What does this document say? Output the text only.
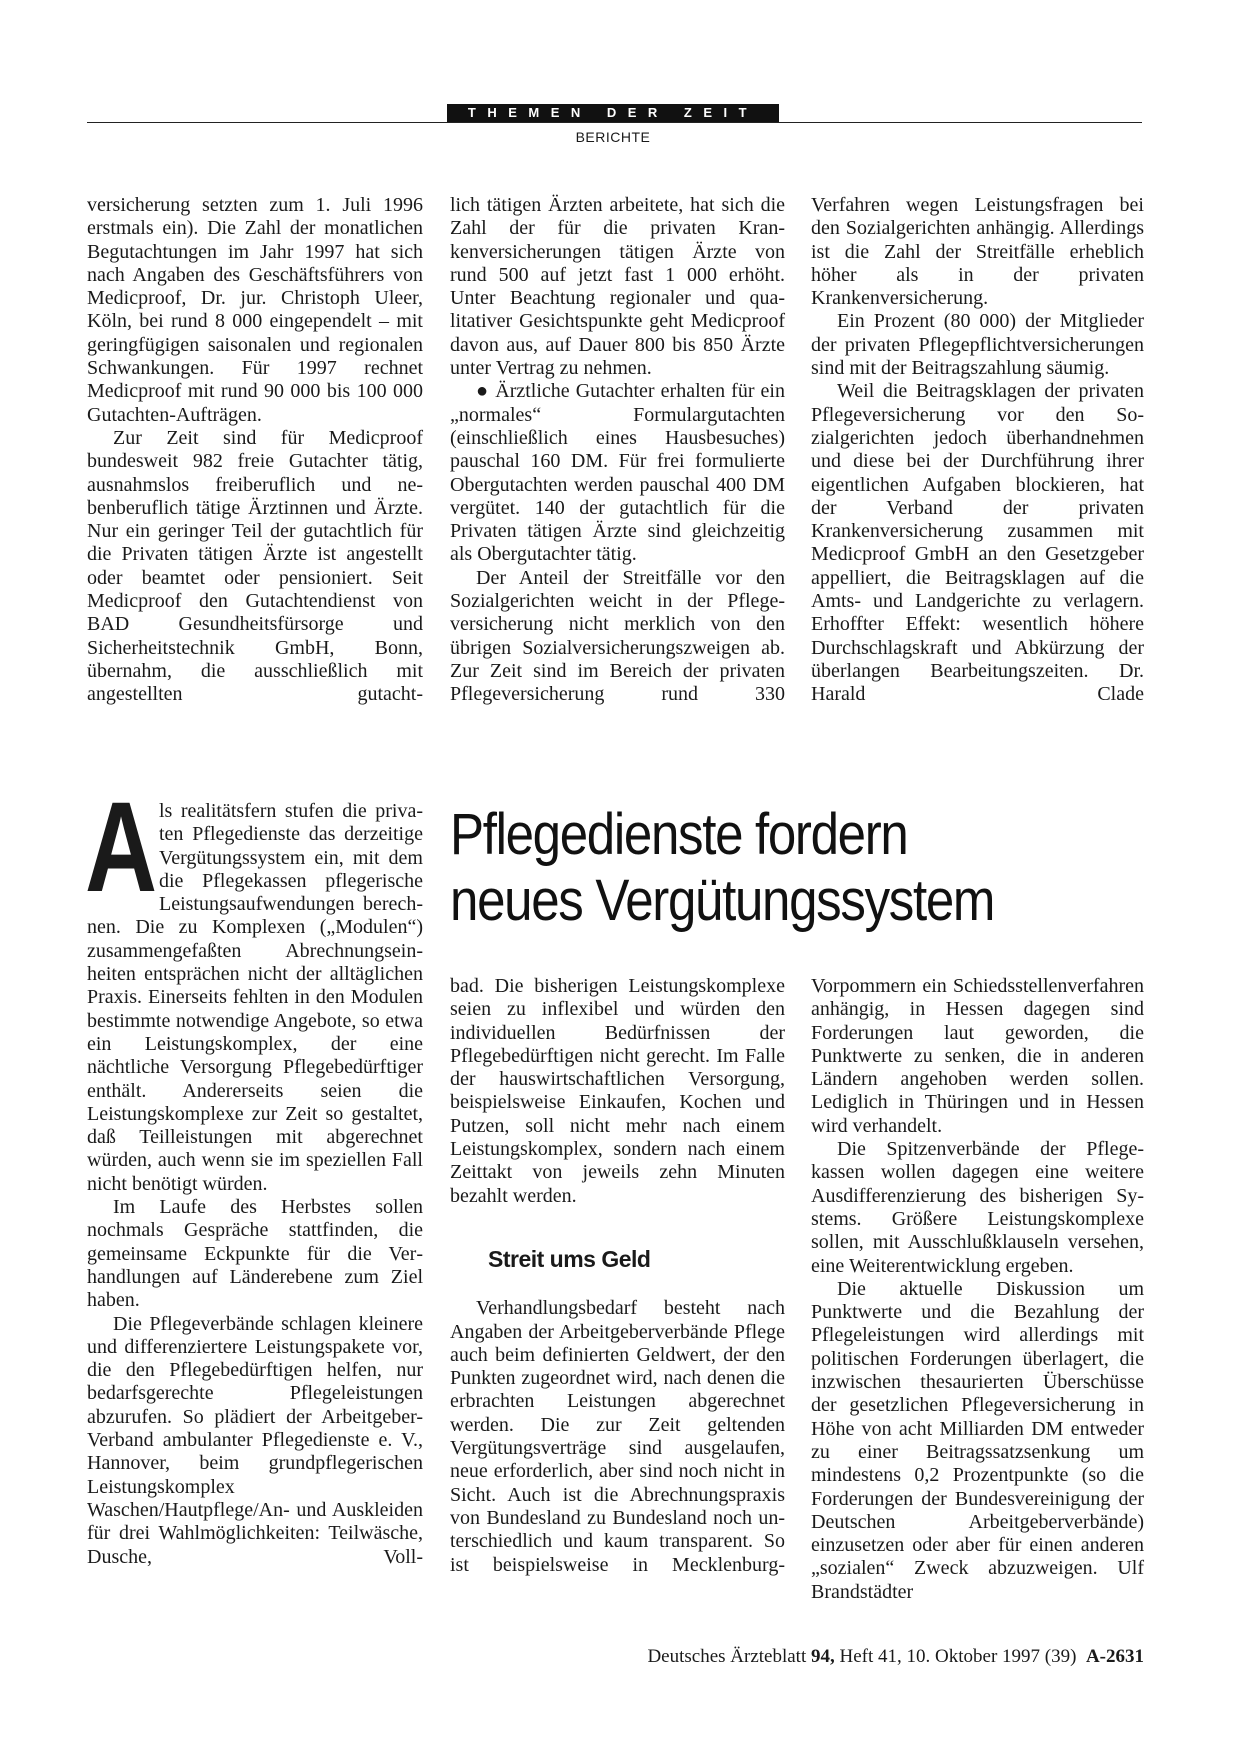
THEMEN DER ZEIT
BERICHTE

versicherung setzten zum 1. Juli 1996 erstmals ein). Die Zahl der monatlichen Begutachtungen im Jahr 1997 hat sich nach Angaben des Geschäftsführers von Medicproof, Dr. jur. Christoph Uleer, Köln, bei rund 8 000 eingependelt – mit geringfügigen saisonalen und regionalen Schwankungen. Für 1997 rechnet Medicproof mit rund 90 000 bis 100 000 Gutachten-Aufträgen.

Zur Zeit sind für Medicproof bundesweit 982 freie Gutachter tätig, ausnahmslos freiberuflich und nebenberuflich tätige Ärztinnen und Ärzte. Nur ein geringer Teil der gutachtlich für die Privaten tätigen Ärzte ist angestellt oder beamtet oder pensioniert. Seit Medicproof den Gutachtendienst von BAD Gesundheitsfürsorge und Sicherheitstechnik GmbH, Bonn, übernahm, die ausschließlich mit angestellten gutacht-

lich tätigen Ärzten arbeitete, hat sich die Zahl der für die privaten Krankenversicherungen tätigen Ärzte von rund 500 auf jetzt fast 1 000 erhöht. Unter Beachtung regionaler und qualitativer Gesichtspunkte geht Medicproof davon aus, auf Dauer 800 bis 850 Ärzte unter Vertrag zu nehmen.

● Ärztliche Gutachter erhalten für ein „normales“ Formulargutachten (einschließlich eines Hausbesuches) pauschal 160 DM. Für frei formulierte Obergutachten werden pauschal 400 DM vergütet. 140 der gutachtlich für die Privaten tätigen Ärzte sind gleichzeitig als Obergutachter tätig.

Der Anteil der Streitfälle vor den Sozialgerichten weicht in der Pflegeversicherung nicht merklich von den übrigen Sozialversicherungszweigen ab. Zur Zeit sind im Bereich der privaten Pflegeversicherung rund 330

Verfahren wegen Leistungsfragen bei den Sozialgerichten anhängig. Allerdings ist die Zahl der Streitfälle erheblich höher als in der privaten Krankenversicherung.

Ein Prozent (80 000) der Mitglieder der privaten Pflegepflichtversicherungen sind mit der Beitragszahlung säumig.

Weil die Beitragsklagen der privaten Pflegeversicherung vor den Sozialgerichten jedoch überhandnehmen und diese bei der Durchführung ihrer eigentlichen Aufgaben blockieren, hat der Verband der privaten Krankenversicherung zusammen mit Medicproof GmbH an den Gesetzgeber appelliert, die Beitragsklagen auf die Amts- und Landgerichte zu verlagern. Erhoffter Effekt: wesentlich höhere Durchschlagskraft und Abkürzung der überlangen Bearbeitungszeiten. Dr. Harald Clade

Pflegedienste fordern
neues Vergütungssystem

Als realitätsfern stufen die privaten Pflegedienste das derzeitige Vergütungssystem ein, mit dem die Pflegekassen pflegerische Leistungsaufwendungen berechnen. Die zu Komplexen („Modulen“) zusammengefaßten Abrechnungseinheiten entsprächen nicht der alltäglichen Praxis. Einerseits fehlten in den Modulen bestimmte notwendige Angebote, so etwa ein Leistungskomplex, der eine nächtliche Versorgung Pflegebedürftiger enthält. Andererseits seien die Leistungskomplexe zur Zeit so gestaltet, daß Teilleistungen mit abgerechnet würden, auch wenn sie im speziellen Fall nicht benötigt würden.

Im Laufe des Herbstes sollen nochmals Gespräche stattfinden, die gemeinsame Eckpunkte für die Verhandlungen auf Länderebene zum Ziel haben.

Die Pflegeverbände schlagen kleinere und differenziertere Leistungspakete vor, die den Pflegebedürftigen helfen, nur bedarfsgerechte Pflegeleistungen abzurufen. So plädiert der Arbeitgeber-Verband ambulanter Pflegedienste e. V., Hannover, beim grundpflegerischen Leistungskomplex Waschen/Hautpflege/An- und Auskleiden für drei Wahlmöglichkeiten: Teilwäsche, Dusche, Voll-

bad. Die bisherigen Leistungskomplexe seien zu inflexibel und würden den individuellen Bedürfnissen der Pflegebedürftigen nicht gerecht. Im Falle der hauswirtschaftlichen Versorgung, beispielsweise Einkaufen, Kochen und Putzen, soll nicht mehr nach einem Leistungskomplex, sondern nach einem Zeittakt von jeweils zehn Minuten bezahlt werden.

Streit ums Geld

Verhandlungsbedarf besteht nach Angaben der Arbeitgeberverbände Pflege auch beim definierten Geldwert, der den Punkten zugeordnet wird, nach denen die erbrachten Leistungen abgerechnet werden. Die zur Zeit geltenden Vergütungsverträge sind ausgelaufen, neue erforderlich, aber sind noch nicht in Sicht. Auch ist die Abrechnungspraxis von Bundesland zu Bundesland noch unterschiedlich und kaum transparent. So ist beispielsweise in Mecklenburg-

Vorpommern ein Schiedsstellenverfahren anhängig, in Hessen dagegen sind Forderungen laut geworden, die Punktwerte zu senken, die in anderen Ländern angehoben werden sollen. Lediglich in Thüringen und in Hessen wird verhandelt.

Die Spitzenverbände der Pflegekassen wollen dagegen eine weitere Ausdifferenzierung des bisherigen Systems. Größere Leistungskomplexe sollen, mit Ausschlußklauseln versehen, eine Weiterentwicklung ergeben.

Die aktuelle Diskussion um Punktwerte und die Bezahlung der Pflegeleistungen wird allerdings mit politischen Forderungen überlagert, die inzwischen thesaurierten Überschüsse der gesetzlichen Pflegeversicherung in Höhe von acht Milliarden DM entweder zu einer Beitragssatzsenkung um mindestens 0,2 Prozentpunkte (so die Forderungen der Bundesvereinigung der Deutschen Arbeitgeberverbände) einzusetzen oder aber für einen anderen „sozialen“ Zweck abzuzweigen. Ulf Brandstädter

Deutsches Ärzteblatt 94, Heft 41, 10. Oktober 1997 (39) A-2631
